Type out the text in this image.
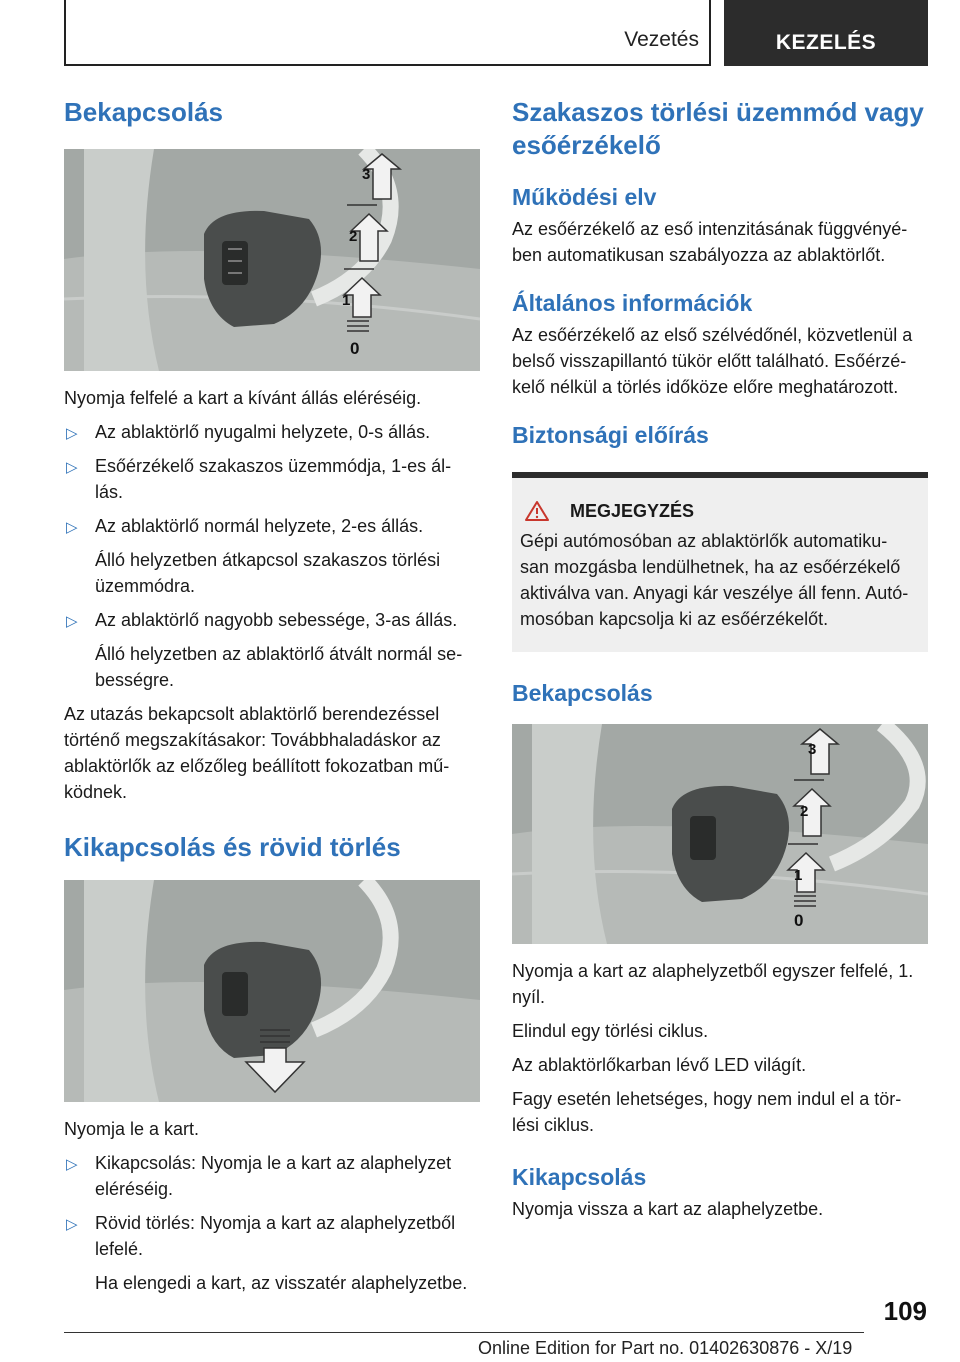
Vezetés	KEZELÉS
Bekapcsolás
3
2
1
0

Nyomja felfelé a kart a kívánt állás eléréséig.

▷ Az ablaktörlő nyugalmi helyzete, 0-s állás.
▷ Esőérzékelő szakaszos üzemmódja, 1-es ál- lás.
▷ Az ablaktörlő normál helyzete, 2-es állás.
Álló helyzetben átkapcsol szakaszos törlési üzemmódra.
▷ Az ablaktörlő nagyobb sebessége, 3-as állás.
Álló helyzetben az ablaktörlő átvált normál se- bességre.

Az utazás bekapcsolt ablaktörlő berendezéssel történő megszakításakor: Továbbhaladáskor az ablaktörlők az előzőleg beállított fokozatban mű- ködnek.

Kikapcsolás és rövid törlés

Nyomja le a kart.

▷ Kikapcsolás: Nyomja le a kart az alaphelyzet eléréséig.
▷ Rövid törlés: Nyomja a kart az alaphelyzetből lefelé.
Ha elengedi a kart, az visszatér alaphelyzetbe.
Szakaszos törlési üzemmód vagy esőérzékelő
Működési elv

Az esőérzékelő az eső intenzitásának függvényé- ben automatikusan szabályozza az ablaktörlőt.

Általános információk

Az esőérzékelő az első szélvédőnél, közvetlenül a belső visszapillantó tükör előtt található. Esőérzé- kelő nélkül a törlés időköze előre meghatározott.

Biztonsági előírás
MEGJEGYZÉS

Gépi autómosóban az ablaktörlők automatiku- san mozgásba lendülhetnek, ha az esőérzékelő aktiválva van. Anyagi kár veszélye áll fenn. Autó- mosóban kapcsolja ki az esőérzékelőt.

Bekapcsolás
3
2
1
0

Nyomja a kart az alaphelyzetből egyszer felfelé, 1. nyíl.

Elindul egy törlési ciklus.

Az ablaktörlőkarban lévő LED világít.

Fagy esetén lehetséges, hogy nem indul el a tör- lési ciklus.

Kikapcsolás

Nyomja vissza a kart az alaphelyzetbe.

109
Online Edition for Part no. 01402630876 - X/19
